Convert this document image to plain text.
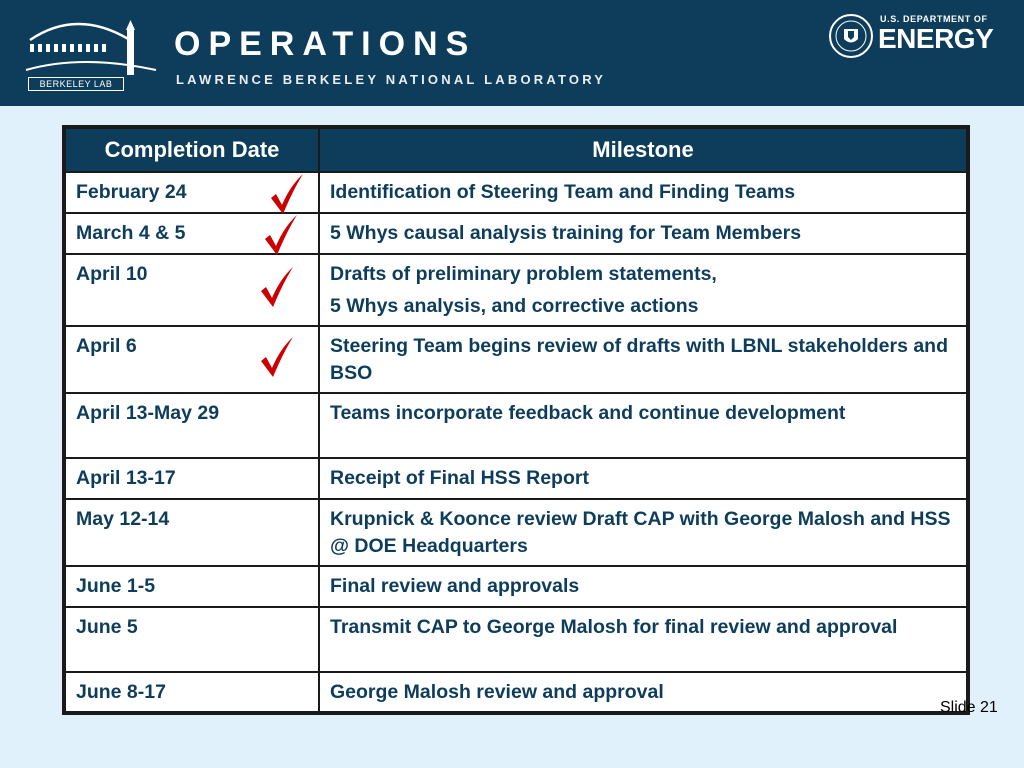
BERKELEY LAB
OPERATIONS
LAWRENCE BERKELEY NATIONAL LABORATORY
U.S. DEPARTMENT OF
ENERGY
Completion Date	Milestone
February 24	Identification of Steering Team and Finding Teams
March 4 & 5	5 Whys causal analysis training for Team Members
April 10	Drafts of preliminary problem statements,
5 Whys analysis, and corrective actions

April 6	Steering Team begins review of drafts with LBNL stakeholders and BSO
April 13-May 29	Teams incorporate feedback and continue development
April 13-17	Receipt of Final HSS Report
May 12-14	Krupnick & Koonce review Draft CAP with George Malosh and HSS @ DOE Headquarters
June 1-5	Final review and approvals
June 5	Transmit CAP to George Malosh for final review and approval
June 8-17	George Malosh review and approval
Slide 21
